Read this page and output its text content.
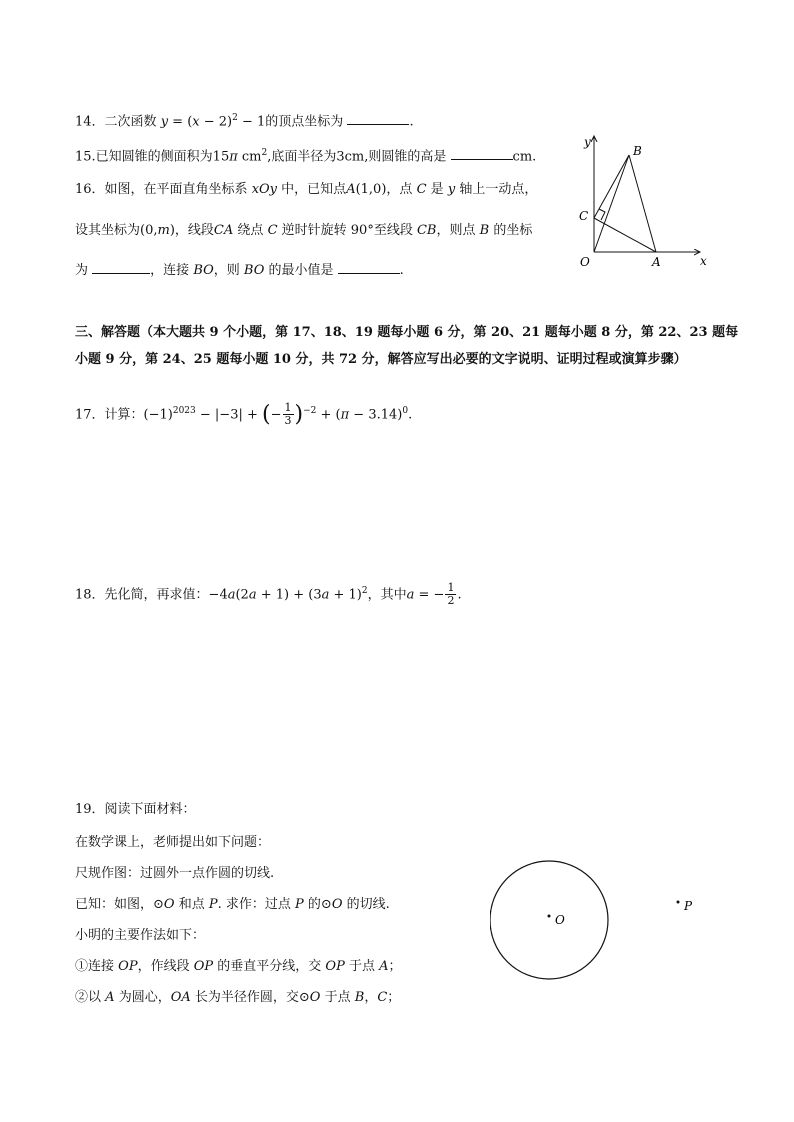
14．二次函数 $y = (x - 2)^2 - 1$的顶点坐标为	.
15.已知圆锥的侧面积为15π $cm^2$,底面半径为3cm,则圆锥的高是	cm.
16．如图，在平面直角坐标系 xOy 中，已知点A(1,0)，点 C 是 y 轴上一动点，
设其坐标为(0,m)，线段CA 绕点 C 逆时针旋转 90°至线段 CB，则点 B 的坐标
为	，连接 BO，则 BO 的最小值是	.
y
x
B
C
O	A
三、解答题（本大题共 9 个小题，第 17、18、19 题每小题 6 分，第 20、21 题每小题 8 分，第 22、23 题每
小题 9 分，第 24、25 题每小题 10 分，共 72 分，解答应写出必要的文字说明、证明过程或演算步骤）
17．计算：$(-1)^{2023} - |-3|$ + (− $\frac{1}{3} )^{-2} + (\pi - 3.14)^0$.
18．先化简，再求值：$-4a(2a + 1) + (3a + 1)^2$，其中a = − $\frac{1}{2}$ .
19．阅读下面材料：
在数学课上，老师提出如下问题：
尺规作图：过圆外一点作圆的切线.
已知：如图，⊙O 和点 P. 求作：过点 P 的⊙O 的切线.
小明的主要作法如下：
①连接 OP，作线段 OP 的垂直平分线，交 OP 于点 A；
②以 A 为圆心，OA 长为半径作圆，交⊙O 于点 B，C；
O
P
